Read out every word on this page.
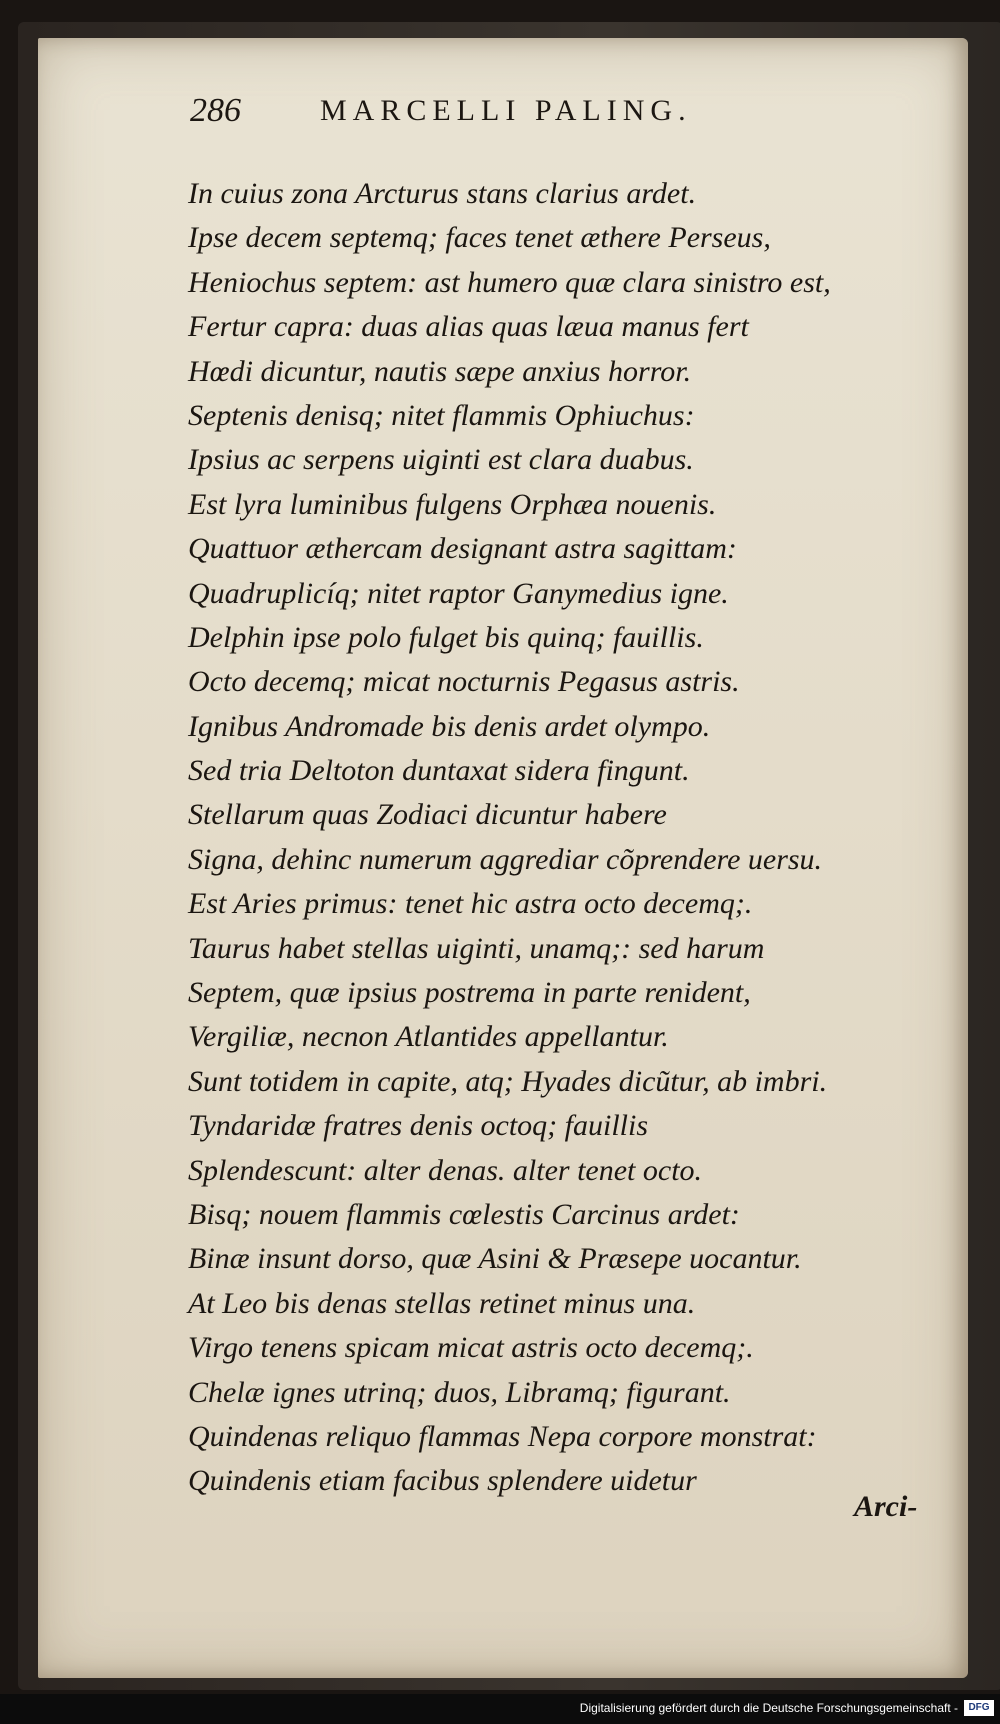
286	MARCELLI PALING.
In cuius zona Arcturus stans clarius ardet.
Ipse decem septemq; faces tenet æthere Perseus,
Heniochus septem: ast humero quæ clara sinistro est,
Fertur capra: duas alias quas læua manus fert
Hœdi dicuntur, nautis sæpe anxius horror.
Septenis denisq; nitet flammis Ophiuchus:
Ipsius ac serpens uiginti est clara duabus.
Est lyra luminibus fulgens Orphæa nouenis.
Quattuor æthercam designant astra sagittam:
Quadruplicíq; nitet raptor Ganymedius igne.
Delphin ipse polo fulget bis quinq; fauillis.
Octo decemq; micat nocturnis Pegasus astris.
Ignibus Andromade bis denis ardet olympo.
Sed tria Deltoton duntaxat sidera fingunt.
Stellarum quas Zodiaci dicuntur habere
Signa, dehinc numerum aggrediar cõprendere uersu.
Est Aries primus: tenet hic astra octo decemq;.
Taurus habet stellas uiginti, unamq;: sed harum
Septem, quæ ipsius postrema in parte renident,
Vergiliæ, necnon Atlantides appellantur.
Sunt totidem in capite, atq; Hyades dicũtur, ab imbri.
Tyndaridæ fratres denis octoq; fauillis
Splendescunt: alter denas. alter tenet octo.
Bisq; nouem flammis cœlestis Carcinus ardet:
Binæ insunt dorso, quæ Asini & Præsepe uocantur.
At Leo bis denas stellas retinet minus una.
Virgo tenens spicam micat astris octo decemq;.
Chelæ ignes utrinq; duos, Libramq; figurant.
Quindenas reliquo flammas Nepa corpore monstrat:
Quindenis etiam facibus splendere uidetur
Arci-
Digitalisierung gefördert durch die Deutsche Forschungsgemeinschaft -	DFG
